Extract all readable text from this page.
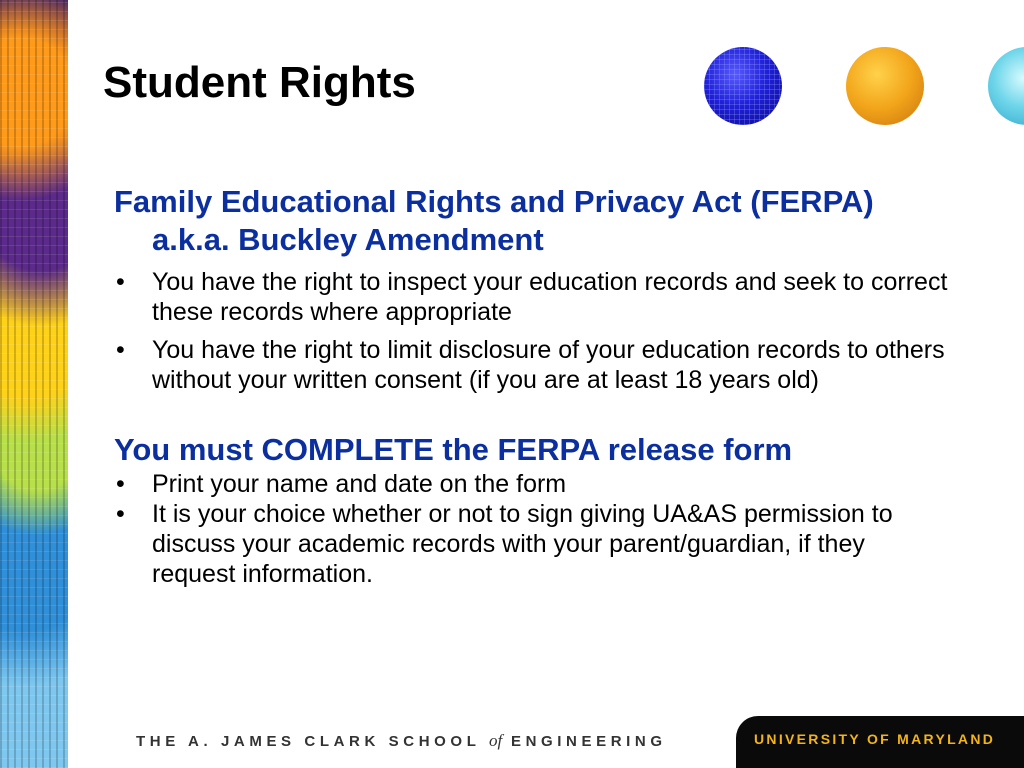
Student Rights

Family Educational Rights and Privacy Act (FERPA) a.k.a. Buckley Amendment

• You have the right to inspect your education records and seek to correct these records where appropriate
• You have the right to limit disclosure of your education records to others without your written consent (if you are at least 18 years old)

You must COMPLETE the FERPA release form

• Print your name and date on the form
• It is your choice whether or not to sign giving UA&AS permission to discuss your academic records with your parent/guardian, if they request information.
THE A. JAMES CLARK SCHOOL of ENGINEERING	UNIVERSITY OF MARYLAND
